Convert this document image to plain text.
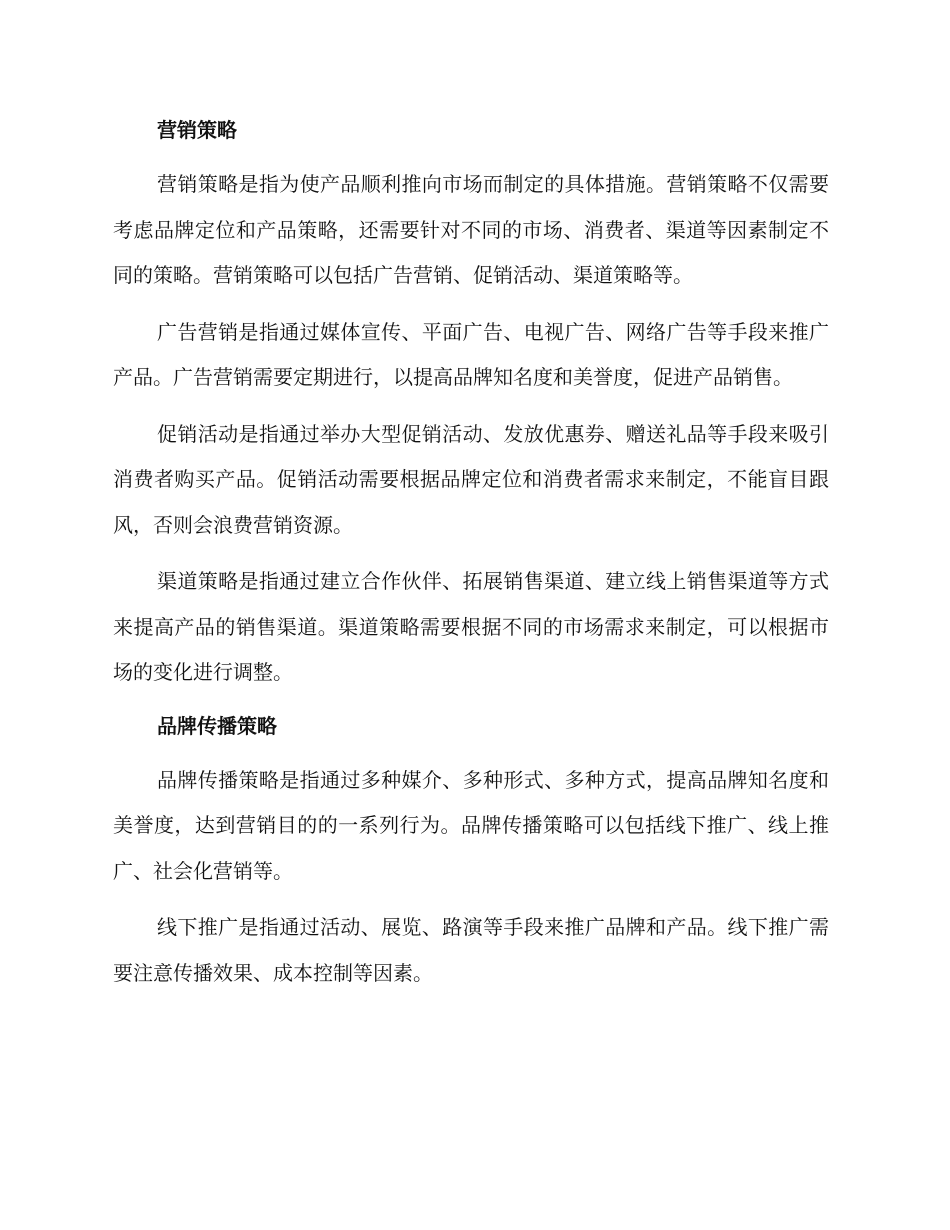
营销策略

营销策略是指为使产品顺利推向市场而制定的具体措施。营销策略不仅需要考虑品牌定位和产品策略，还需要针对不同的市场、消费者、渠道等因素制定不同的策略。营销策略可以包括广告营销、促销活动、渠道策略等。

广告营销是指通过媒体宣传、平面广告、电视广告、网络广告等手段来推广产品。广告营销需要定期进行，以提高品牌知名度和美誉度，促进产品销售。

促销活动是指通过举办大型促销活动、发放优惠券、赠送礼品等手段来吸引消费者购买产品。促销活动需要根据品牌定位和消费者需求来制定，不能盲目跟风，否则会浪费营销资源。

渠道策略是指通过建立合作伙伴、拓展销售渠道、建立线上销售渠道等方式来提高产品的销售渠道。渠道策略需要根据不同的市场需求来制定，可以根据市场的变化进行调整。

品牌传播策略

品牌传播策略是指通过多种媒介、多种形式、多种方式，提高品牌知名度和美誉度，达到营销目的的一系列行为。品牌传播策略可以包括线下推广、线上推广、社会化营销等。

线下推广是指通过活动、展览、路演等手段来推广品牌和产品。线下推广需要注意传播效果、成本控制等因素。
